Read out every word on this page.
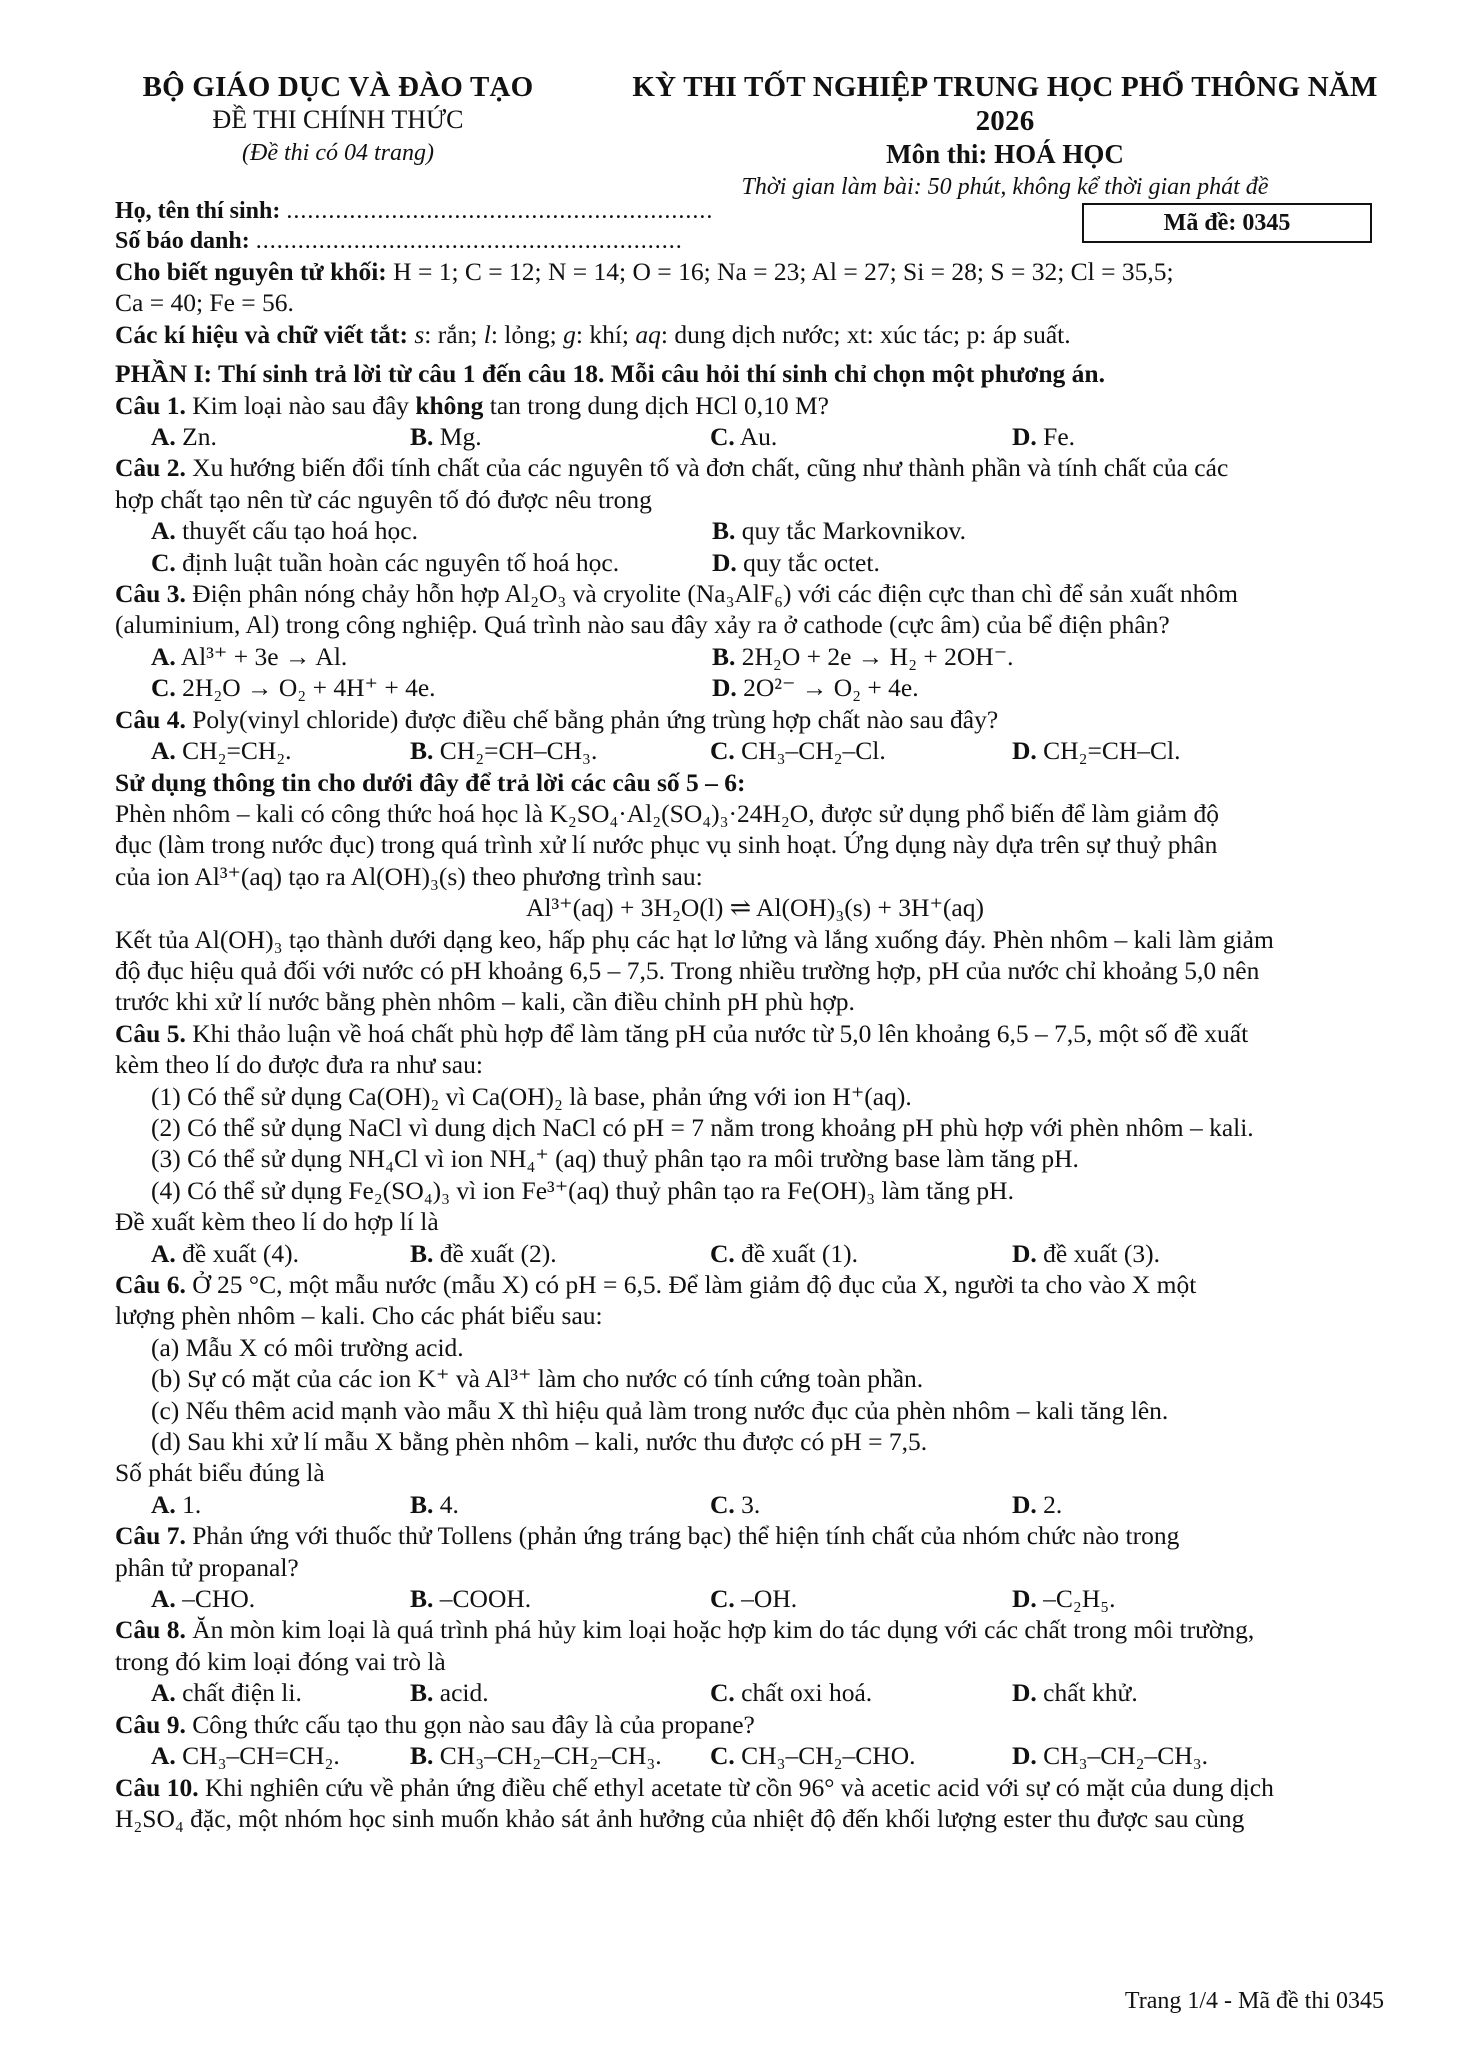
BỘ GIÁO DỤC VÀ ĐÀO TẠO
ĐỀ THI CHÍNH THỨC
(Đề thi có 04 trang)
KỲ THI TỐT NGHIỆP TRUNG HỌC PHỔ THÔNG NĂM 2026
Môn thi: HOÁ HỌC
Thời gian làm bài: 50 phút, không kể thời gian phát đề
Họ, tên thí sinh: .............................................................
Số báo danh: .............................................................
Mã đề: 0345

Cho biết nguyên tử khối: H = 1; C = 12; N = 14; O = 16; Na = 23; Al = 27; Si = 28; S = 32; Cl = 35,5;

Ca = 40; Fe = 56.

Các kí hiệu và chữ viết tắt: s: rắn; l: lỏng; g: khí; aq: dung dịch nước; xt: xúc tác; p: áp suất.

PHẦN I: Thí sinh trả lời từ câu 1 đến câu 18. Mỗi câu hỏi thí sinh chỉ chọn một phương án.

Câu 1. Kim loại nào sau đây không tan trong dung dịch HCl 0,10 M?

A. Zn.	B. Mg.	C. Au.	D. Fe.

Câu 2. Xu hướng biến đổi tính chất của các nguyên tố và đơn chất, cũng như thành phần và tính chất của các

hợp chất tạo nên từ các nguyên tố đó được nêu trong

A. thuyết cấu tạo hoá học.	B. quy tắc Markovnikov.
C. định luật tuần hoàn các nguyên tố hoá học.	D. quy tắc octet.

Câu 3. Điện phân nóng chảy hỗn hợp Al₂O₃ và cryolite (Na₃AlF₆) với các điện cực than chì để sản xuất nhôm

(aluminium, Al) trong công nghiệp. Quá trình nào sau đây xảy ra ở cathode (cực âm) của bể điện phân?

A. Al³⁺ + 3e → Al.	B. 2H₂O + 2e → H₂ + 2OH⁻.
C. 2H₂O → O₂ + 4H⁺ + 4e.	D. 2O²⁻ → O₂ + 4e.

Câu 4. Poly(vinyl chloride) được điều chế bằng phản ứng trùng hợp chất nào sau đây?

A. CH₂=CH₂.	B. CH₂=CH–CH₃.	C. CH₃–CH₂–Cl.	D. CH₂=CH–Cl.

Sử dụng thông tin cho dưới đây để trả lời các câu số 5 – 6:

Phèn nhôm – kali có công thức hoá học là K₂SO₄·Al₂(SO₄)₃·24H₂O, được sử dụng phổ biến để làm giảm độ

đục (làm trong nước đục) trong quá trình xử lí nước phục vụ sinh hoạt. Ứng dụng này dựa trên sự thuỷ phân

của ion Al³⁺(aq) tạo ra Al(OH)₃(s) theo phương trình sau:

Al³⁺(aq) + 3H₂O(l) ⇌ Al(OH)₃(s) + 3H⁺(aq)

Kết tủa Al(OH)₃ tạo thành dưới dạng keo, hấp phụ các hạt lơ lửng và lắng xuống đáy. Phèn nhôm – kali làm giảm

độ đục hiệu quả đối với nước có pH khoảng 6,5 – 7,5. Trong nhiều trường hợp, pH của nước chỉ khoảng 5,0 nên

trước khi xử lí nước bằng phèn nhôm – kali, cần điều chỉnh pH phù hợp.

Câu 5. Khi thảo luận về hoá chất phù hợp để làm tăng pH của nước từ 5,0 lên khoảng 6,5 – 7,5, một số đề xuất

kèm theo lí do được đưa ra như sau:

(1) Có thể sử dụng Ca(OH)₂ vì Ca(OH)₂ là base, phản ứng với ion H⁺(aq).

(2) Có thể sử dụng NaCl vì dung dịch NaCl có pH = 7 nằm trong khoảng pH phù hợp với phèn nhôm – kali.

(3) Có thể sử dụng NH₄Cl vì ion NH₄⁺ (aq) thuỷ phân tạo ra môi trường base làm tăng pH.

(4) Có thể sử dụng Fe₂(SO₄)₃ vì ion Fe³⁺(aq) thuỷ phân tạo ra Fe(OH)₃ làm tăng pH.

Đề xuất kèm theo lí do hợp lí là

A. đề xuất (4).	B. đề xuất (2).	C. đề xuất (1).	D. đề xuất (3).

Câu 6. Ở 25 °C, một mẫu nước (mẫu X) có pH = 6,5. Để làm giảm độ đục của X, người ta cho vào X một

lượng phèn nhôm – kali. Cho các phát biểu sau:

(a) Mẫu X có môi trường acid.

(b) Sự có mặt của các ion K⁺ và Al³⁺ làm cho nước có tính cứng toàn phần.

(c) Nếu thêm acid mạnh vào mẫu X thì hiệu quả làm trong nước đục của phèn nhôm – kali tăng lên.

(d) Sau khi xử lí mẫu X bằng phèn nhôm – kali, nước thu được có pH = 7,5.

Số phát biểu đúng là

A. 1.	B. 4.	C. 3.	D. 2.

Câu 7. Phản ứng với thuốc thử Tollens (phản ứng tráng bạc) thể hiện tính chất của nhóm chức nào trong

phân tử propanal?

A. –CHO.	B. –COOH.	C. –OH.	D. –C₂H₅.

Câu 8. Ăn mòn kim loại là quá trình phá hủy kim loại hoặc hợp kim do tác dụng với các chất trong môi trường,

trong đó kim loại đóng vai trò là

A. chất điện li.	B. acid.	C. chất oxi hoá.	D. chất khử.

Câu 9. Công thức cấu tạo thu gọn nào sau đây là của propane?

A. CH₃–CH=CH₂.	B. CH₃–CH₂–CH₂–CH₃.	C. CH₃–CH₂–CHO.	D. CH₃–CH₂–CH₃.

Câu 10. Khi nghiên cứu về phản ứng điều chế ethyl acetate từ cồn 96° và acetic acid với sự có mặt của dung dịch

H₂SO₄ đặc, một nhóm học sinh muốn khảo sát ảnh hưởng của nhiệt độ đến khối lượng ester thu được sau cùng

Trang 1/4 - Mã đề thi 0345
